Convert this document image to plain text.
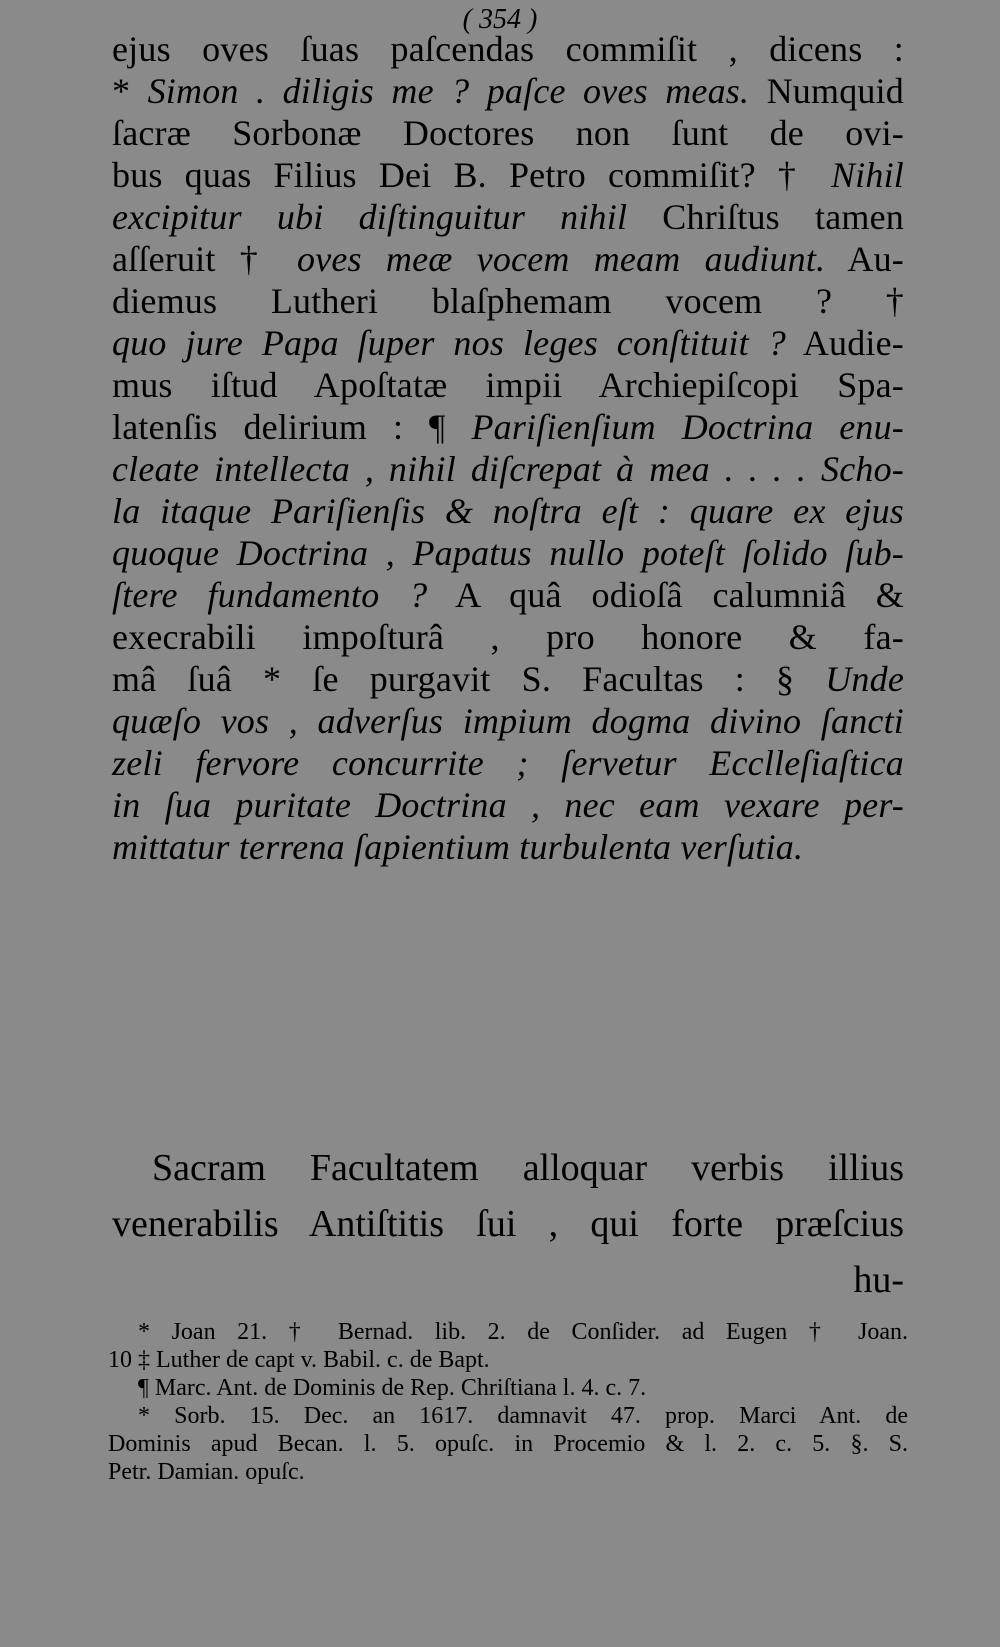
( 354 )
ejus oves ſuas paſcendas commiſit , dicens :
* Simon . diligis me ? paſce oves meas. Numquid
ſacræ Sorbonæ Doctores non ſunt de ovi-
bus quas Filius Dei B. Petro commiſit? † Nihil
excipitur ubi diſtinguitur nihil Chriſtus tamen
aſſeruit † oves meæ vocem meam audiunt. Au-
diemus Lutheri blaſphemam vocem ? †
quo jure Papa ſuper nos leges conſtituit ? Audie-
mus iſtud Apoſtatæ impii Archiepiſcopi Spa-
latenſis delirium : ¶ Pariſienſium Doctrina enu-
cleate intellecta , nihil diſcrepat à mea . . . . Scho-
la itaque Pariſienſis & noſtra eſt : quare ex ejus
quoque Doctrina , Papatus nullo poteſt ſolido ſub-
ſtere fundamento ? A quâ odioſâ calumniâ &
execrabili impoſturâ , pro honore & fa-
mâ ſuâ * ſe purgavit S. Facultas : § Unde
quæſo vos , adverſus impium dogma divino ſancti
zeli fervore concurrite ; ſervetur Ecclleſiaſtica
in ſua puritate Doctrina , nec eam vexare per-
mittatur terrena ſapientium turbulenta verſutia.
Sacram Facultatem alloquar verbis illius
venerabilis Antiſtitis ſui , qui forte præſcius
hu-
* Joan 21. † Bernad. lib. 2. de Conſider. ad Eugen † Joan.
10 ‡ Luther de capt v. Babil. c. de Bapt.
¶ Marc. Ant. de Dominis de Rep. Chriſtiana l. 4. c. 7.
* Sorb. 15. Dec. an 1617. damnavit 47. prop. Marci Ant. de
Dominis apud Becan. l. 5. opuſc. in Procemio & l. 2. c. 5. §. S.
Petr. Damian. opuſc.
